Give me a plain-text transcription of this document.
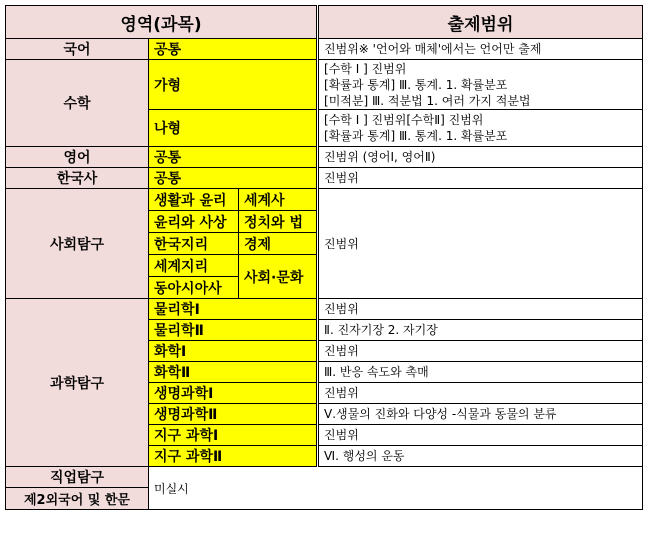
영역(과목)			출제범위
국어	공통		진범위※ '언어와 매체'에서는 언어만 출제
수학	가형		[수학 I ] 진범위
[확률과 통계] Ⅲ. 통계. 1. 확률분포
[미적분] Ⅲ. 적분법 1. 여러 가지 적분법

	나형		[수학 I ] 진범위[수학Ⅱ] 진범위
[확률과 통계] Ⅲ. 통계. 1. 확률분포

영어	공통		진범위 (영어Ⅰ, 영어Ⅱ)
한국사	공통		진범위
사회탐구	생활과 윤리	세계사	진범위
	윤리와 사상	정치와 법	
	한국지리	경제	
	세계지리	사회·문화	
	동아시아사		
과학탐구	물리학Ⅰ		진범위
	물리학Ⅱ		Ⅱ. 진자기장 2. 자기장
	화학Ⅰ		진범위
	화학Ⅱ		Ⅲ. 반응 속도와 촉매
	생명과학Ⅰ		진범위
	생명과학Ⅱ		Ⅴ.생물의 진화와 다양성 -식물과 동물의 분류
	지구 과학Ⅰ		진범위
	지구 과학Ⅱ		Ⅵ. 행성의 운동
직업탐구	미실시		
제2외국어 및 한문			
